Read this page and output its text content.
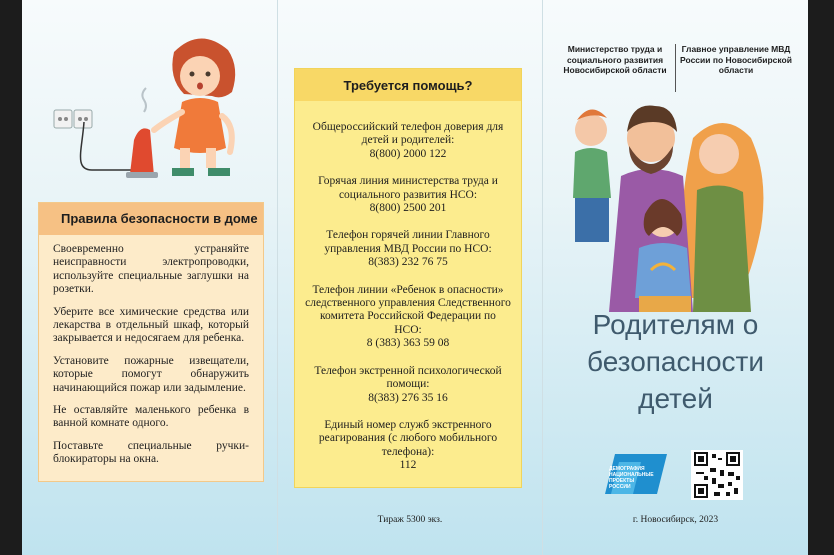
Правила безопасности в доме

Своевременно устраняйте неисправности электропроводки, используйте специальные заглушки на розетки.

Уберите все химические средства или лекарства в отдельный шкаф, который закрывается и недосягаем для ребенка.

Установите пожарные извещатели, которые помогут обнаружить начинающийся пожар или задымление.

Не оставляйте маленького ребенка в ванной комнате одного.

Поставьте специальные ручки-блокираторы на окна.

Требуется помощь?
Общероссийский телефон доверия для детей и родителей:
8(800) 2000 122
Горячая линия министерства труда и социального развития НСО:
8(800) 2500 201
Телефон горячей линии Главного управления МВД России по НСО:
8(383) 232 76 75
Телефон линии «Ребенок в опасности» следственного управления Следственного комитета Российской Федерации по НСО:
8 (383) 363 59 08
Телефон экстренной психологической помощи:
8(383) 276 35 16
Единый номер служб экстренного реагирования (с любого мобильного телефона):
112
Тираж 5300 экз.
Министерство труда и социального развития Новосибирской области
Главное управление МВД России по Новосибирской области
Родителям о
безопасности
детей
ДЕМОГРАФИЯ НАЦИОНАЛЬНЫЕ ПРОЕКТЫ РОССИИ
г. Новосибирск, 2023
